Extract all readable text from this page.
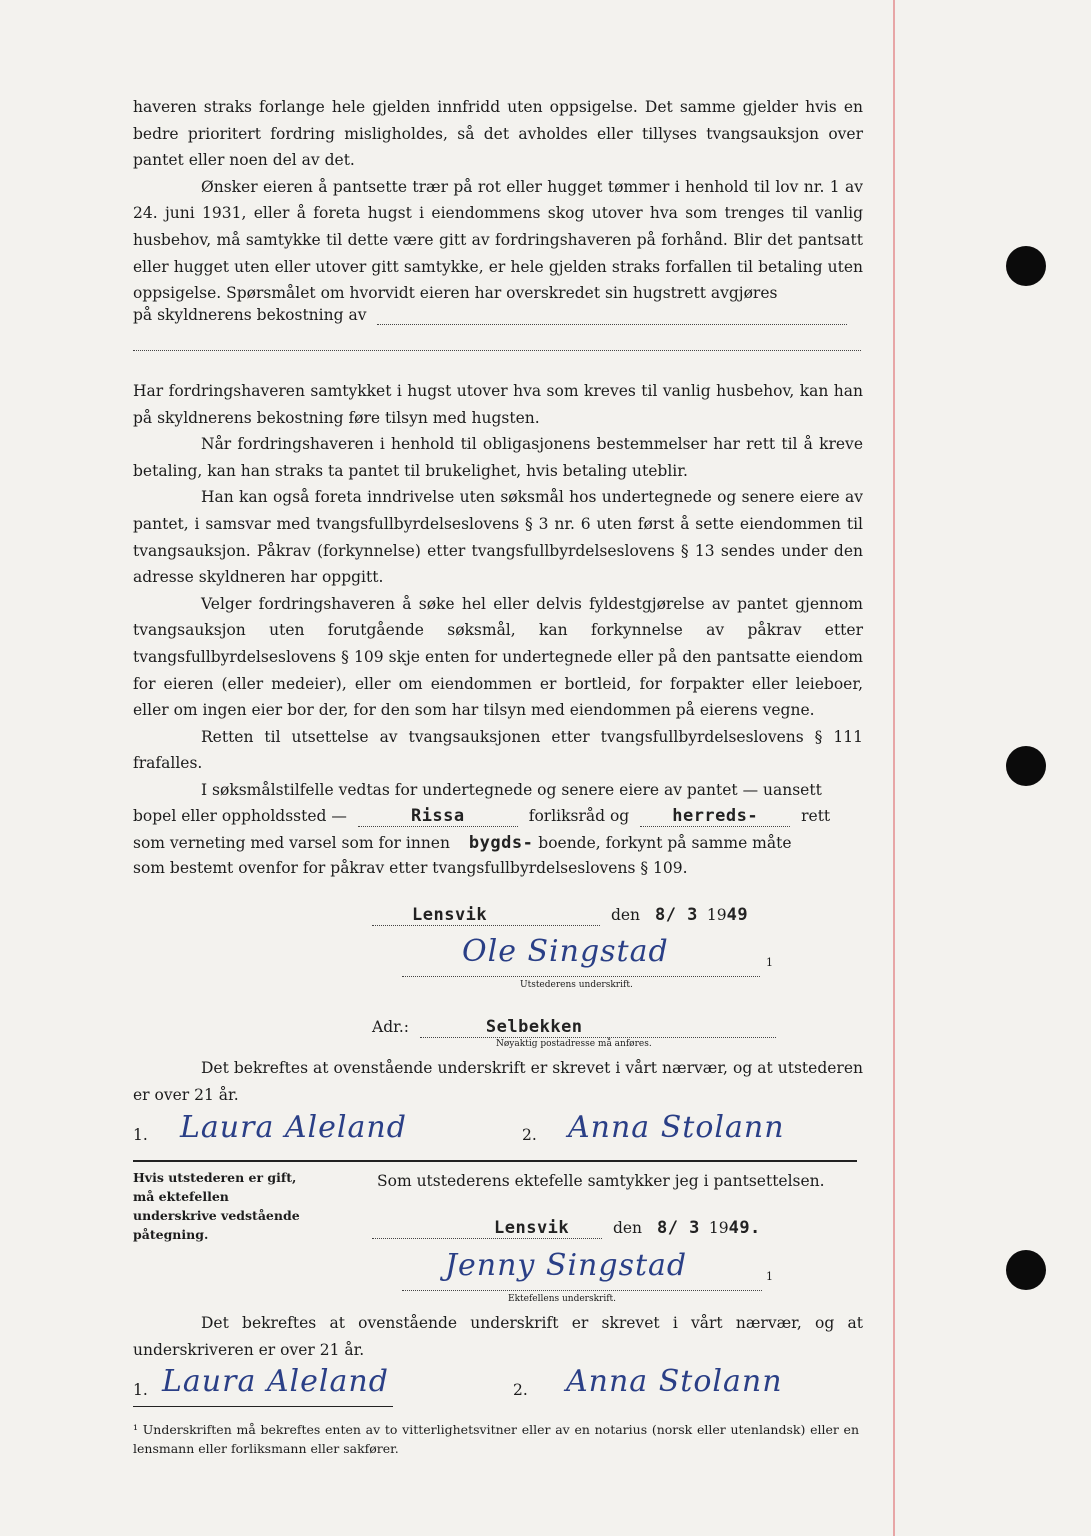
haveren straks forlange hele gjelden innfridd uten oppsigelse. Det samme gjelder hvis en bedre prioritert fordring misligholdes, så det avholdes eller tillyses tvangsauksjon over pantet eller noen del av det.

Ønsker eieren å pantsette trær på rot eller hugget tømmer i henhold til lov nr. 1 av 24. juni 1931, eller å foreta hugst i eiendommens skog utover hva som trenges til vanlig husbehov, må samtykke til dette være gitt av fordringshaveren på forhånd. Blir det pantsatt eller hugget uten eller utover gitt samtykke, er hele gjelden straks forfallen til betaling uten oppsigelse. Spørsmålet om hvorvidt eieren har overskredet sin hugstrett avgjøres

på skyldnerens bekostning av

Har fordringshaveren samtykket i hugst utover hva som kreves til vanlig husbehov, kan han på skyldnerens bekostning føre tilsyn med hugsten.

Når fordringshaveren i henhold til obligasjonens bestemmelser har rett til å kreve betaling, kan han straks ta pantet til brukelighet, hvis betaling uteblir.

Han kan også foreta inndrivelse uten søksmål hos undertegnede og senere eiere av pantet, i samsvar med tvangsfullbyrdelseslovens § 3 nr. 6 uten først å sette eiendommen til tvangsauksjon. Påkrav (forkynnelse) etter tvangsfullbyrdelseslovens § 13 sendes under den adresse skyldneren har oppgitt.

Velger fordringshaveren å søke hel eller delvis fyldestgjørelse av pantet gjennom tvangsauksjon uten forutgående søksmål, kan forkynnelse av påkrav etter tvangsfullbyrdelseslovens § 109 skje enten for undertegnede eller på den pantsatte eiendom for eieren (eller medeier), eller om eiendommen er bortleid, for forpakter eller leieboer, eller om ingen eier bor der, for den som har tilsyn med eiendommen på eierens vegne.

Retten til utsettelse av tvangsauksjonen etter tvangsfullbyrdelseslovens § 111 frafalles.

I søksmålstilfelle vedtas for undertegnede og senere eiere av pantet — uansett

bopel eller oppholdssted —	Rissa	forliksråd og	herreds-	rett
som verneting med varsel som for innen bygds- boende, forkynt på samme måte
som bestemt ovenfor for påkrav etter tvangsfullbyrdelseslovens § 109.
Lensvik	den 8/ 3 1949
Ole Singstad	1
Utstederens underskrift.
Adr.:	Selbekken
Nøyaktig postadresse må anføres.

Det bekreftes at ovenstående underskrift er skrevet i vårt nærvær, og at utstederen er over 21 år.

1. Laura Aleland	2. Anna Stolann
Hvis utstederen er gift, må ektefellen underskrive vedstående påtegning.
Som utstederens ektefelle samtykker jeg i pantsettelsen.
Lensvik	den 8/ 3 1949.
Jenny Singstad	1
Ektefellens underskrift.

Det bekreftes at ovenstående underskrift er skrevet i vårt nærvær, og at underskriveren er over 21 år.

1. Laura Aleland	2. Anna Stolann
¹ Underskriften må bekreftes enten av to vitterlighetsvitner eller av en notarius (norsk eller utenlandsk) eller en lensmann eller forliksmann eller sakfører.
